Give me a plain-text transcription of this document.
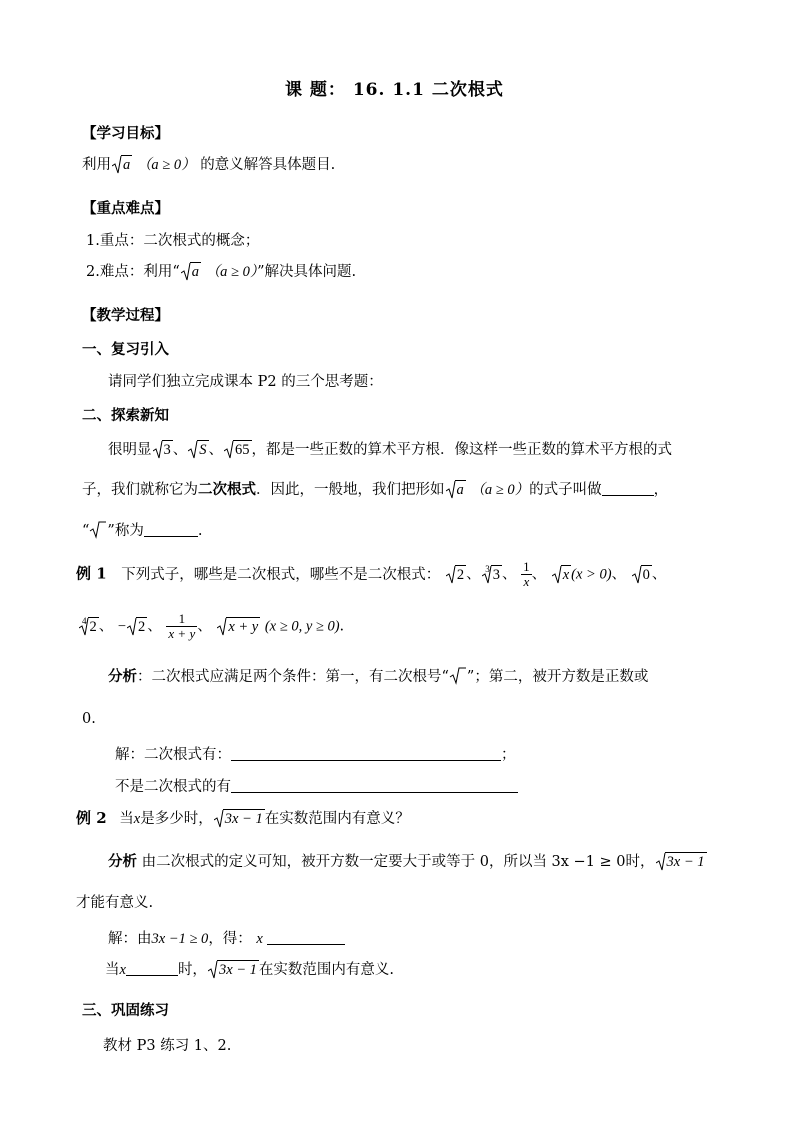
课 题： 16. 1.1 二次根式
【学习目标】
利用 a （a ≥ 0） 的意义解答具体题目.
【重点难点】
1.重点：二次根式的概念；
2.难点：利用“ a （a ≥ 0）”解决具体问题.
【教学过程】
一、复习引入
请同学们独立完成课本 P2 的三个思考题：
二、探索新知
很明显 3 、 S 、 65 ，都是一些正数的算术平方根．像这样一些正数的算术平方根的式
子，我们就称它为二次根式．因此，一般地，我们把形如 a （a ≥ 0）的式子叫做	，
“ ”称为	.
例 1 下列式子，哪些是二次根式，哪些不是二次根式： 2 、 $^3$ 3 、 $\frac{1}{x}$ 、 x (x > 0)、 0 、
$^4$ 2 、 − 2 、 $\frac{1}{x + y}$ 、 x + y (x ≥ 0, y ≥ 0).
分析：二次根式应满足两个条件：第一，有二次根号“ ”；第二，被开方数是正数或
0.
解：二次根式有：	；
不是二次根式的有
例 2 当x是多少时， 3x − 1 在实数范围内有意义？
分析 由二次根式的定义可知，被开方数一定要大于或等于 0，所以当 3x −1 ≥ 0时， 3x − 1
才能有意义.
解：由3x −1 ≥ 0，得： x
当x	时， 3x − 1 在实数范围内有意义.
三、巩固练习
教材 P3 练习 1、2.
